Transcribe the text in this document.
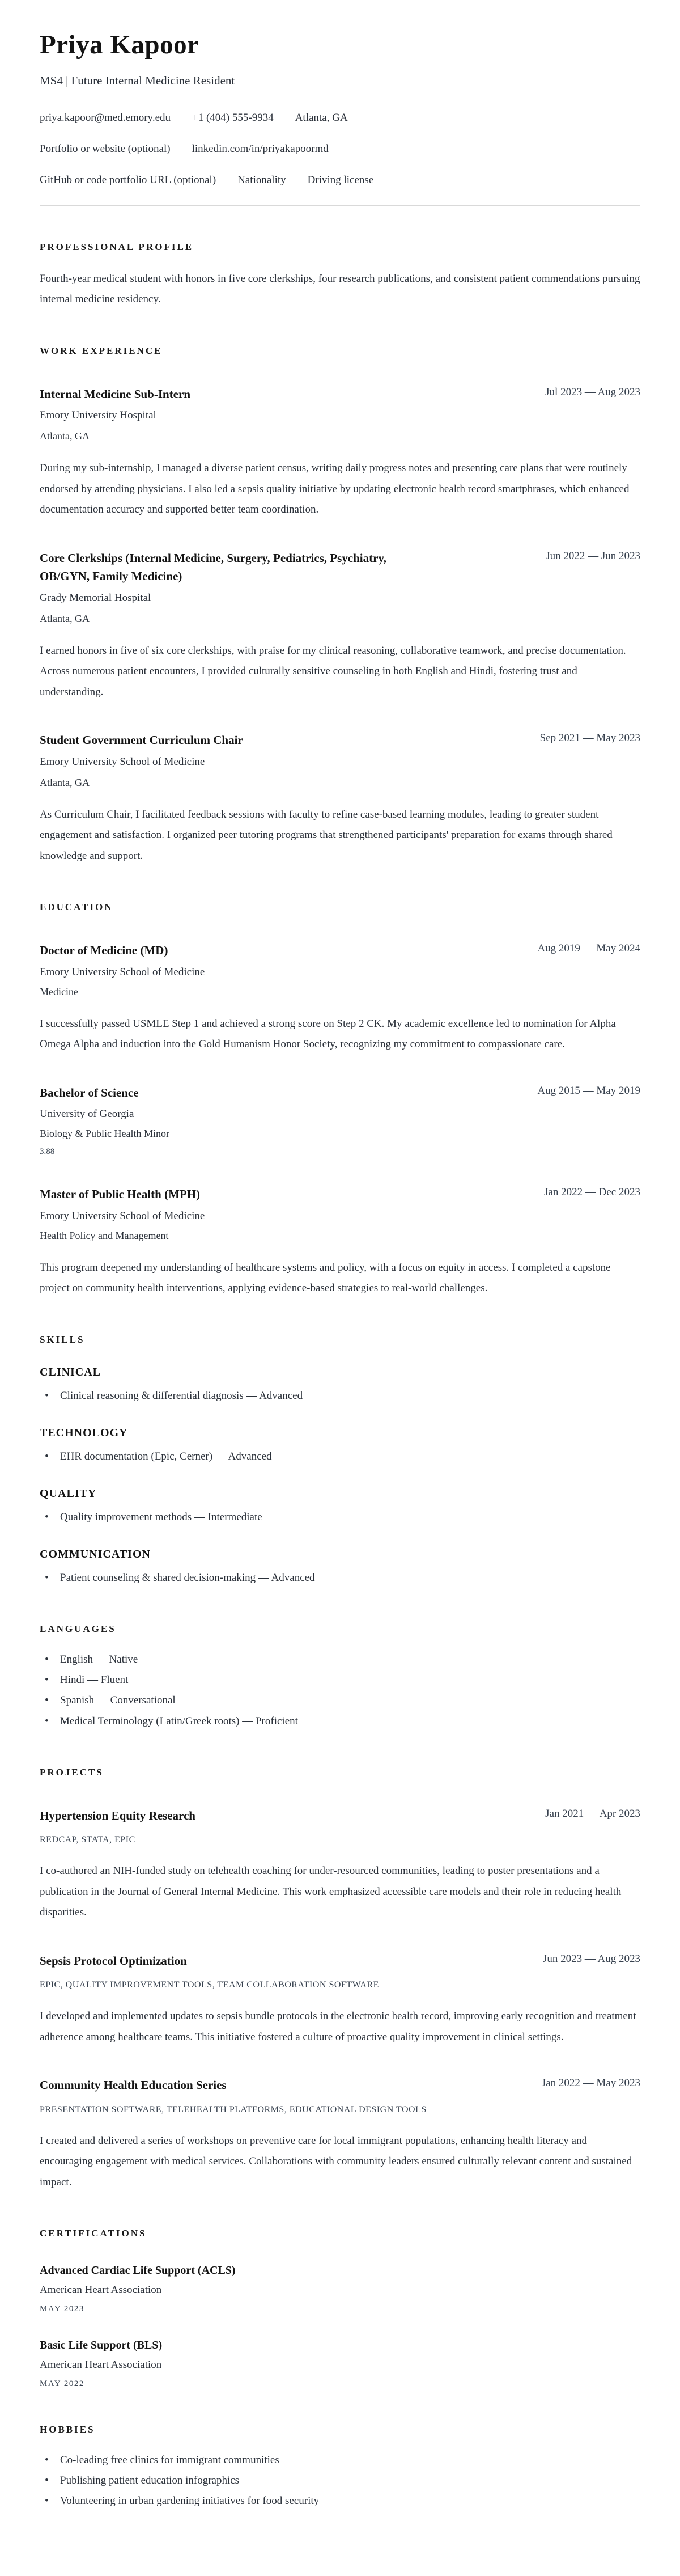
Priya Kapoor

MS4 | Future Internal Medicine Resident

priya.kapoor@med.emory.edu +1 (404) 555-9934 Atlanta, GA
Portfolio or website (optional) linkedin.com/in/priyakapoormd
GitHub or code portfolio URL (optional) Nationality Driving license
PROFESSIONAL PROFILE

Fourth-year medical student with honors in five core clerkships, four research publications, and consistent patient commendations pursuing internal medicine residency.

WORK EXPERIENCE
Internal Medicine Sub-Intern	Jul 2023 — Aug 2023
Emory University Hospital
Atlanta, GA

During my sub-internship, I managed a diverse patient census, writing daily progress notes and presenting care plans that were routinely endorsed by attending physicians. I also led a sepsis quality initiative by updating electronic health record smartphrases, which enhanced documentation accuracy and supported better team coordination.

Core Clerkships (Internal Medicine, Surgery, Pediatrics, Psychiatry, OB/GYN, Family Medicine)
Jun 2022 — Jun 2023
Grady Memorial Hospital
Atlanta, GA

I earned honors in five of six core clerkships, with praise for my clinical reasoning, collaborative teamwork, and precise documentation. Across numerous patient encounters, I provided culturally sensitive counseling in both English and Hindi, fostering trust and understanding.

Student Government Curriculum Chair	Sep 2021 — May 2023
Emory University School of Medicine
Atlanta, GA

As Curriculum Chair, I facilitated feedback sessions with faculty to refine case-based learning modules, leading to greater student engagement and satisfaction. I organized peer tutoring programs that strengthened participants' preparation for exams through shared knowledge and support.

EDUCATION
Doctor of Medicine (MD)	Aug 2019 — May 2024
Emory University School of Medicine
Medicine

I successfully passed USMLE Step 1 and achieved a strong score on Step 2 CK. My academic excellence led to nomination for Alpha Omega Alpha and induction into the Gold Humanism Honor Society, recognizing my commitment to compassionate care.

Bachelor of Science	Aug 2015 — May 2019
University of Georgia
Biology & Public Health Minor
3.88
Master of Public Health (MPH)	Jan 2022 — Dec 2023
Emory University School of Medicine
Health Policy and Management

This program deepened my understanding of healthcare systems and policy, with a focus on equity in access. I completed a capstone project on community health interventions, applying evidence-based strategies to real-world challenges.

SKILLS
CLINICAL
• Clinical reasoning & differential diagnosis — Advanced
TECHNOLOGY
• EHR documentation (Epic, Cerner) — Advanced
QUALITY
• Quality improvement methods — Intermediate
COMMUNICATION
• Patient counseling & shared decision-making — Advanced
LANGUAGES
• English — Native
• Hindi — Fluent
• Spanish — Conversational
• Medical Terminology (Latin/Greek roots) — Proficient
PROJECTS
Hypertension Equity Research	Jan 2021 — Apr 2023
REDCAP, STATA, EPIC

I co-authored an NIH-funded study on telehealth coaching for under-resourced communities, leading to poster presentations and a publication in the Journal of General Internal Medicine. This work emphasized accessible care models and their role in reducing health disparities.

Sepsis Protocol Optimization	Jun 2023 — Aug 2023
EPIC, QUALITY IMPROVEMENT TOOLS, TEAM COLLABORATION SOFTWARE

I developed and implemented updates to sepsis bundle protocols in the electronic health record, improving early recognition and treatment adherence among healthcare teams. This initiative fostered a culture of proactive quality improvement in clinical settings.

Community Health Education Series	Jan 2022 — May 2023
PRESENTATION SOFTWARE, TELEHEALTH PLATFORMS, EDUCATIONAL DESIGN TOOLS

I created and delivered a series of workshops on preventive care for local immigrant populations, enhancing health literacy and encouraging engagement with medical services. Collaborations with community leaders ensured culturally relevant content and sustained impact.

CERTIFICATIONS
Advanced Cardiac Life Support (ACLS)
American Heart Association
MAY 2023
Basic Life Support (BLS)
American Heart Association
MAY 2022
HOBBIES
• Co-leading free clinics for immigrant communities
• Publishing patient education infographics
• Volunteering in urban gardening initiatives for food security
